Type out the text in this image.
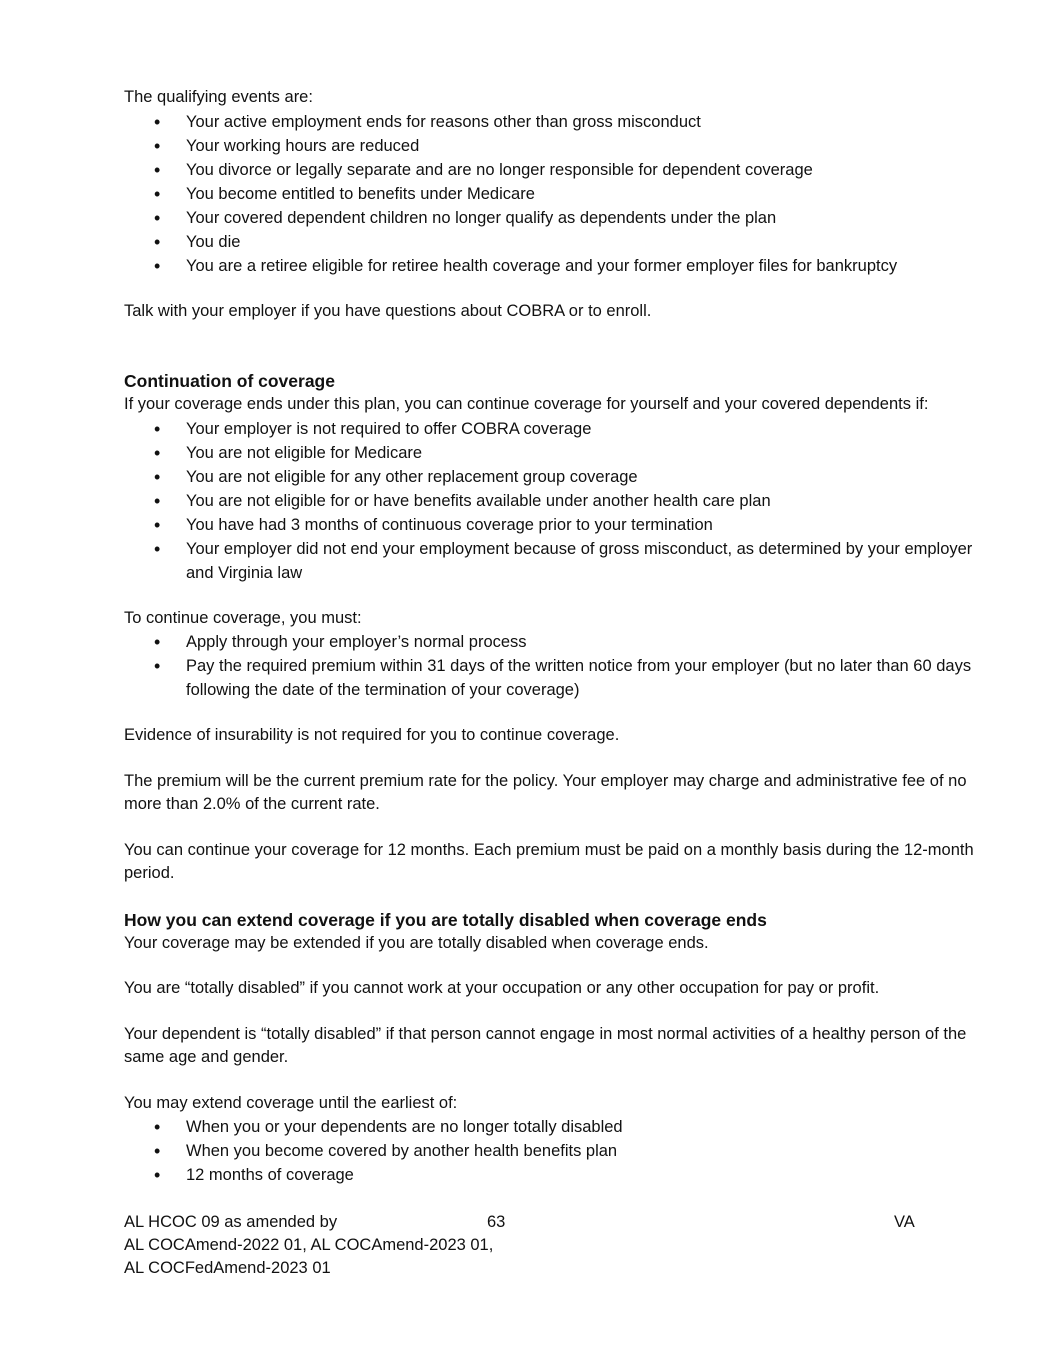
The qualifying events are:

• Your active employment ends for reasons other than gross misconduct
• Your working hours are reduced
• You divorce or legally separate and are no longer responsible for dependent coverage
• You become entitled to benefits under Medicare
• Your covered dependent children no longer qualify as dependents under the plan
• You die
• You are a retiree eligible for retiree health coverage and your former employer files for bankruptcy

Talk with your employer if you have questions about COBRA or to enroll.

Continuation of coverage

If your coverage ends under this plan, you can continue coverage for yourself and your covered dependents if:

• Your employer is not required to offer COBRA coverage
• You are not eligible for Medicare
• You are not eligible for any other replacement group coverage
• You are not eligible for or have benefits available under another health care plan
• You have had 3 months of continuous coverage prior to your termination
• Your employer did not end your employment because of gross misconduct, as determined by your employer and Virginia law

To continue coverage, you must:

• Apply through your employer’s normal process
• Pay the required premium within 31 days of the written notice from your employer (but no later than 60 days following the date of the termination of your coverage)

Evidence of insurability is not required for you to continue coverage.

The premium will be the current premium rate for the policy. Your employer may charge and administrative fee of no more than 2.0% of the current rate.

You can continue your coverage for 12 months. Each premium must be paid on a monthly basis during the 12-month period.

How you can extend coverage if you are totally disabled when coverage ends

Your coverage may be extended if you are totally disabled when coverage ends.

You are “totally disabled” if you cannot work at your occupation or any other occupation for pay or profit.

Your dependent is “totally disabled” if that person cannot engage in most normal activities of a healthy person of the same age and gender.

You may extend coverage until the earliest of:

• When you or your dependents are no longer totally disabled
• When you become covered by another health benefits plan
• 12 months of coverage
AL HCOC 09 as amended by
AL COCAmend-2022 01, AL COCAmend-2023 01,
AL COCFedAmend-2023 01
63	VA
